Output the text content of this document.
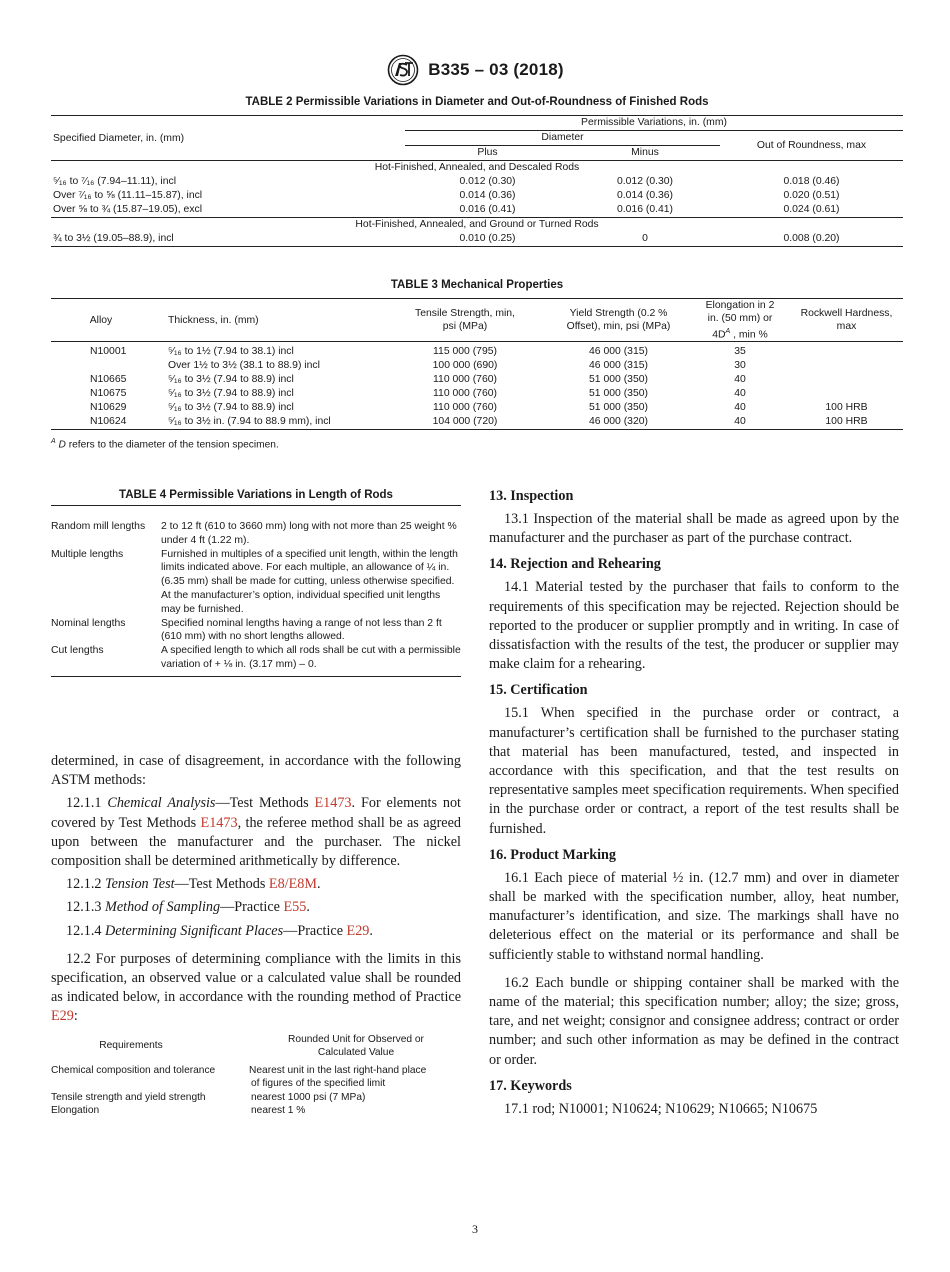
B335 – 03 (2018)
TABLE 2 Permissible Variations in Diameter and Out-of-Roundness of Finished Rods
Specified Diameter, in. (mm)	Permissible Variations, in. (mm)		
	Diameter		Out of Roundness, max
	Plus	Minus	
Hot-Finished, Annealed, and Descaled Rods			
⁵⁄₁₆ to ⁷⁄₁₆ (7.94–11.11), incl	0.012 (0.30)	0.012 (0.30)	0.018 (0.46)
Over ⁷⁄₁₆ to ⅝ (11.11–15.87), incl	0.014 (0.36)	0.014 (0.36)	0.020 (0.51)
Over ⅝ to ¾ (15.87–19.05), excl	0.016 (0.41)	0.016 (0.41)	0.024 (0.61)
Hot-Finished, Annealed, and Ground or Turned Rods			
¾ to 3½ (19.05–88.9), incl	0.010 (0.25)	0	0.008 (0.20)
TABLE 3 Mechanical Properties
Alloy	Thickness, in. (mm)	Tensile Strength, min, psi (MPa)	Yield Strength (0.2 % Offset), min, psi (MPa)	Elongation in 2 in. (50 mm) or $4D^A$ , min %	Rockwell Hardness, max
N10001	⁵⁄₁₆ to 1½ (7.94 to 38.1) incl	115 000 (795)	46 000 (315)	35	
	Over 1½ to 3½ (38.1 to 88.9) incl	100 000 (690)	46 000 (315)	30	
N10665	⁵⁄₁₆ to 3½ (7.94 to 88.9) incl	110 000 (760)	51 000 (350)	40	
N10675	⁵⁄₁₆ to 3½ (7.94 to 88.9) incl	110 000 (760)	51 000 (350)	40	
N10629	⁵⁄₁₆ to 3½ (7.94 to 88.9) incl	110 000 (760)	51 000 (350)	40	100 HRB
N10624	⁵⁄₁₆ to 3½ in. (7.94 to 88.9 mm), incl	104 000 (720)	46 000 (320)	40	100 HRB
$^A$ D refers to the diameter of the tension specimen.
TABLE 4 Permissible Variations in Length of Rods
Random mill lengths	2 to 12 ft (610 to 3660 mm) long with not more than 25 weight % under 4 ft (1.22 m).
Multiple lengths	Furnished in multiples of a specified unit length, within the length limits indicated above. For each multiple, an allowance of ¼ in. (6.35 mm) shall be made for cutting, unless otherwise specified. At the manufacturer’s option, individual specified unit lengths may be furnished.
Nominal lengths	Specified nominal lengths having a range of not less than 2 ft (610 mm) with no short lengths allowed.
Cut lengths	A specified length to which all rods shall be cut with a permissible variation of + ⅛ in. (3.17 mm) – 0.

determined, in case of disagreement, in accordance with the following ASTM methods:

12.1.1 Chemical Analysis—Test Methods E1473. For elements not covered by Test Methods E1473, the referee method shall be as agreed upon between the manufacturer and the purchaser. The nickel composition shall be determined arithmetically by difference.

12.1.2 Tension Test—Test Methods E8/E8M.

12.1.3 Method of Sampling—Practice E55.

12.1.4 Determining Significant Places—Practice E29.

12.2 For purposes of determining compliance with the limits in this specification, an observed value or a calculated value shall be rounded as indicated below, in accordance with the rounding method of Practice E29:

Requirements	Rounded Unit for Observed or Calculated Value

Chemical composition and tolerance	Nearest unit in the last right-hand place of figures of the specified limit
Tensile strength and yield strength	nearest 1000 psi (7 MPa)
Elongation	nearest 1 %
13. Inspection

13.1 Inspection of the material shall be made as agreed upon by the manufacturer and the purchaser as part of the purchase contract.

14. Rejection and Rehearing

14.1 Material tested by the purchaser that fails to conform to the requirements of this specification may be rejected. Rejection should be reported to the producer or supplier promptly and in writing. In case of dissatisfaction with the results of the test, the producer or supplier may make claim for a rehearing.

15. Certification

15.1 When specified in the purchase order or contract, a manufacturer’s certification shall be furnished to the purchaser stating that material has been manufactured, tested, and inspected in accordance with this specification, and that the test results on representative samples meet specification requirements. When specified in the purchase order or contract, a report of the test results shall be furnished.

16. Product Marking

16.1 Each piece of material ½ in. (12.7 mm) and over in diameter shall be marked with the specification number, alloy, heat number, manufacturer’s identification, and size. The markings shall have no deleterious effect on the material or its performance and shall be sufficiently stable to withstand normal handling.

16.2 Each bundle or shipping container shall be marked with the name of the material; this specification number; alloy; the size; gross, tare, and net weight; consignor and consignee address; contract or order number; and such other information as may be defined in the contract or order.

17. Keywords

17.1 rod; N10001; N10624; N10629; N10665; N10675

3
